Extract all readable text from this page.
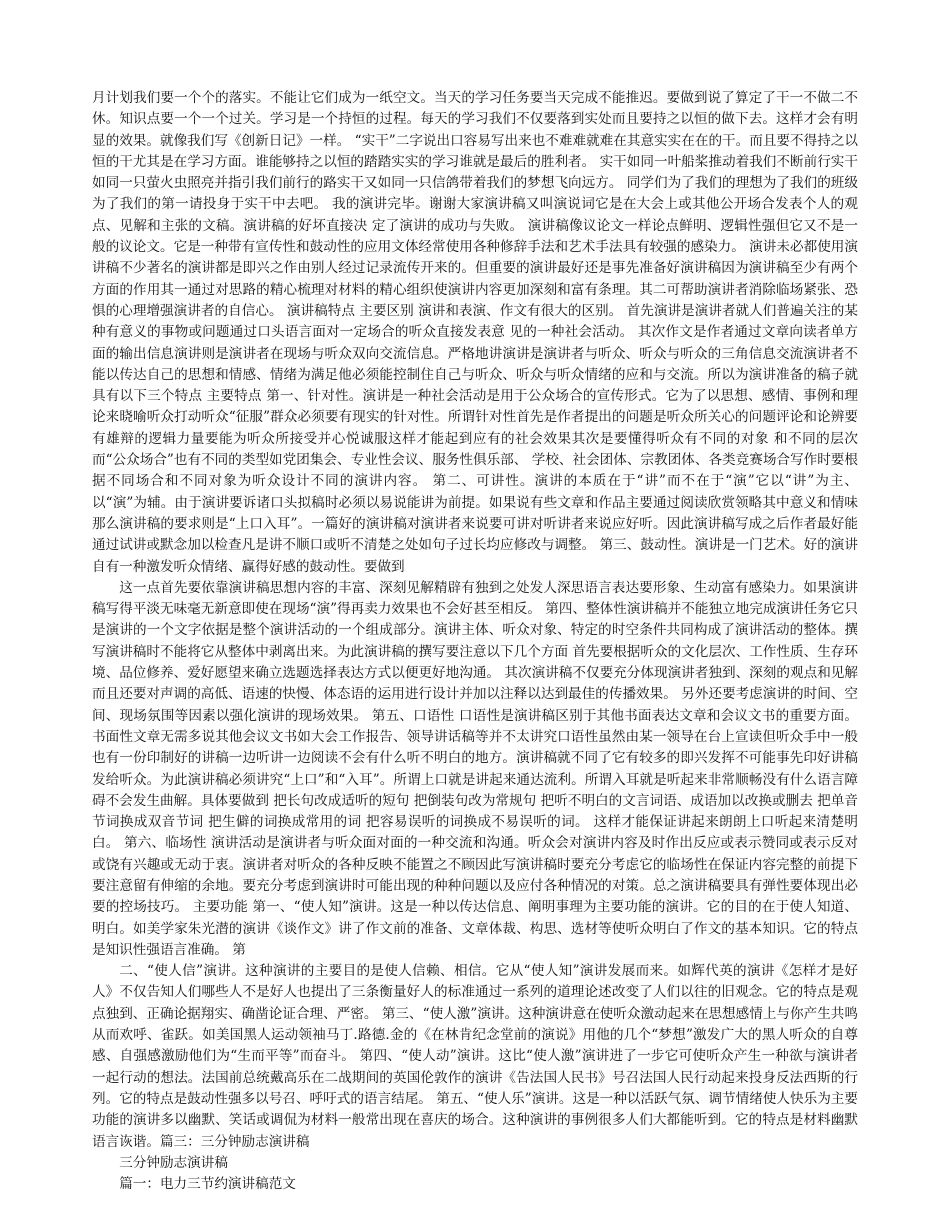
月计划我们要一个个的落实。不能让它们成为一纸空文。当天的学习任务要当天完成不能推迟。要做到说了算定了干一不做二不休。知识点要一个一个过关。学习是一个持恒的过程。每天的学习我们不仅要落到实处而且要持之以恒的做下去。这样才会有明显的效果。就像我们写《创新日记》一样。 “实干”二字说出口容易写出来也不难难就难在其意实实在在的干。而且要不得持之以恒的干尤其是在学习方面。谁能够持之以恒的踏踏实实的学习谁就是最后的胜利者。 实干如同一叶船桨推动着我们不断前行实干如同一只萤火虫照亮并指引我们前行的路实干又如同一只信鸽带着我们的梦想飞向远方。 同学们为了我们的理想为了我们的班级为了我们的第一请投身于实干中去吧。 我的演讲完毕。谢谢大家演讲稿又叫演说词它是在大会上或其他公开场合发表个人的观点、见解和主张的文稿。演讲稿的好坏直接决 定了演讲的成功与失败。 演讲稿像议论文一样论点鲜明、逻辑性强但它又不是一般的议论文。它是一种带有宣传性和鼓动性的应用文体经常使用各种修辞手法和艺术手法具有较强的感染力。 演讲未必都使用演讲稿不少著名的演讲都是即兴之作由别人经过记录流传开来的。但重要的演讲最好还是事先准备好演讲稿因为演讲稿至少有两个方面的作用其一通过对思路的精心梳理对材料的精心组织使演讲内容更加深刻和富有条理。其二可帮助演讲者消除临场紧张、恐惧的心理增强演讲者的自信心。 演讲稿特点 主要区别 演讲和表演、作文有很大的区别。 首先演讲是演讲者就人们普遍关注的某种有意义的事物或问题通过口头语言面对一定场合的听众直接发表意 见的一种社会活动。 其次作文是作者通过文章向读者单方面的输出信息演讲则是演讲者在现场与听众双向交流信息。严格地讲演讲是演讲者与听众、听众与听众的三角信息交流演讲者不能以传达自己的思想和情感、情绪为满足他必须能控制住自己与听众、听众与听众情绪的应和与交流。所以为演讲准备的稿子就具有以下三个特点 主要特点 第一、针对性。演讲是一种社会活动是用于公众场合的宣传形式。它为了以思想、感情、事例和理论来晓喻听众打动听众“征服”群众必须要有现实的针对性。所谓针对性首先是作者提出的问题是听众所关心的问题评论和论辨要有雄辩的逻辑力量要能为听众所接受并心悦诚服这样才能起到应有的社会效果其次是要懂得听众有不同的对象 和不同的层次而“公众场合”也有不同的类型如党团集会、专业性会议、服务性俱乐部、 学校、社会团体、宗教团体、各类竞赛场合写作时要根据不同场合和不同对象为听众设计不同的演讲内容。 第二、可讲性。演讲的本质在于“讲”而不在于“演”它以“讲”为主、以“演”为辅。由于演讲要诉诸口头拟稿时必须以易说能讲为前提。如果说有些文章和作品主要通过阅读欣赏领略其中意义和情味那么演讲稿的要求则是“上口入耳”。一篇好的演讲稿对演讲者来说要可讲对听讲者来说应好听。因此演讲稿写成之后作者最好能通过试讲或默念加以检查凡是讲不顺口或听不清楚之处如句子过长均应修改与调整。 第三、鼓动性。演讲是一门艺术。好的演讲自有一种激发听众情绪、赢得好感的鼓动性。要做到

这一点首先要依靠演讲稿思想内容的丰富、深刻见解精辟有独到之处发人深思语言表达要形象、生动富有感染力。如果演讲稿写得平淡无味毫无新意即使在现场“演”得再卖力效果也不会好甚至相反。 第四、整体性演讲稿并不能独立地完成演讲任务它只是演讲的一个文字依据是整个演讲活动的一个组成部分。演讲主体、听众对象、特定的时空条件共同构成了演讲活动的整体。撰写演讲稿时不能将它从整体中剥离出来。为此演讲稿的撰写要注意以下几个方面 首先要根据听众的文化层次、工作性质、生存环境、品位修养、爱好愿望来确立选题选择表达方式以便更好地沟通。 其次演讲稿不仅要充分体现演讲者独到、深刻的观点和见解而且还要对声调的高低、语速的快慢、体态语的运用进行设计并加以注释以达到最佳的传播效果。 另外还要考虑演讲的时间、空间、现场氛围等因素以强化演讲的现场效果。 第五、口语性 口语性是演讲稿区别于其他书面表达文章和会议文书的重要方面。书面性文章无需多说其他会议文书如大会工作报告、领导讲话稿等并不太讲究口语性虽然由某一领导在台上宣读但听众手中一般也有一份印制好的讲稿一边听讲一边阅读不会有什么听不明白的地方。演讲稿就不同了它有较多的即兴发挥不可能事先印好讲稿发给听众。为此演讲稿必须讲究“上口”和“入耳”。所谓上口就是讲起来通达流利。所谓入耳就是听起来非常顺畅没有什么语言障碍不会发生曲解。具体要做到 把长句改成适听的短句 把倒装句改为常规句 把听不明白的文言词语、成语加以改换或删去 把单音节词换成双音节词 把生僻的词换成常用的词 把容易误听的词换成不易误听的词。 这样才能保证讲起来朗朗上口听起来清楚明白。 第六、临场性 演讲活动是演讲者与听众面对面的一种交流和沟通。听众会对演讲内容及时作出反应或表示赞同或表示反对或饶有兴趣或无动于衷。演讲者对听众的各种反映不能置之不顾因此写演讲稿时要充分考虑它的临场性在保证内容完整的前提下要注意留有伸缩的余地。要充分考虑到演讲时可能出现的种种问题以及应付各种情况的对策。总之演讲稿要具有弹性要体现出必要的控场技巧。 主要功能 第一、“使人知”演讲。这是一种以传达信息、阐明事理为主要功能的演讲。它的目的在于使人知道、明白。如美学家朱光潜的演讲《谈作文》讲了作文前的准备、文章体裁、构思、选材等使听众明白了作文的基本知识。它的特点是知识性强语言准确。 第

二、“使人信”演讲。这种演讲的主要目的是使人信赖、相信。它从“使人知”演讲发展而来。如辉代英的演讲《怎样才是好人》不仅告知人们哪些人不是好人也提出了三条衡量好人的标准通过一系列的道理论述改变了人们以往的旧观念。它的特点是观点独到、正确论据翔实、确凿论证合理、严密。 第三、“使人激”演讲。这种演讲意在使听众激动起来在思想感情上与你产生共鸣从而欢呼、雀跃。如美国黑人运动领袖马丁.路德.金的《在林肯纪念堂前的演说》用他的几个“梦想”激发广大的黑人听众的自尊感、自强感激励他们为“生而平等”而奋斗。 第四、“使人动”演讲。这比“使人激”演讲进了一步它可使听众产生一种欲与演讲者一起行动的想法。法国前总统戴高乐在二战期间的英国伦敦作的演讲《告法国人民书》号召法国人民行动起来投身反法西斯的行列。它的特点是鼓动性强多以号召、呼吁式的语言结尾。 第五、“使人乐”演讲。这是一种以活跃气氛、调节情绪使人快乐为主要功能的演讲多以幽默、笑话或调侃为材料一般常出现在喜庆的场合。这种演讲的事例很多人们大都能听到。它的特点是材料幽默语言诙谐。篇三：三分钟励志演讲稿

三分钟励志演讲稿

篇一：电力三节约演讲稿范文
